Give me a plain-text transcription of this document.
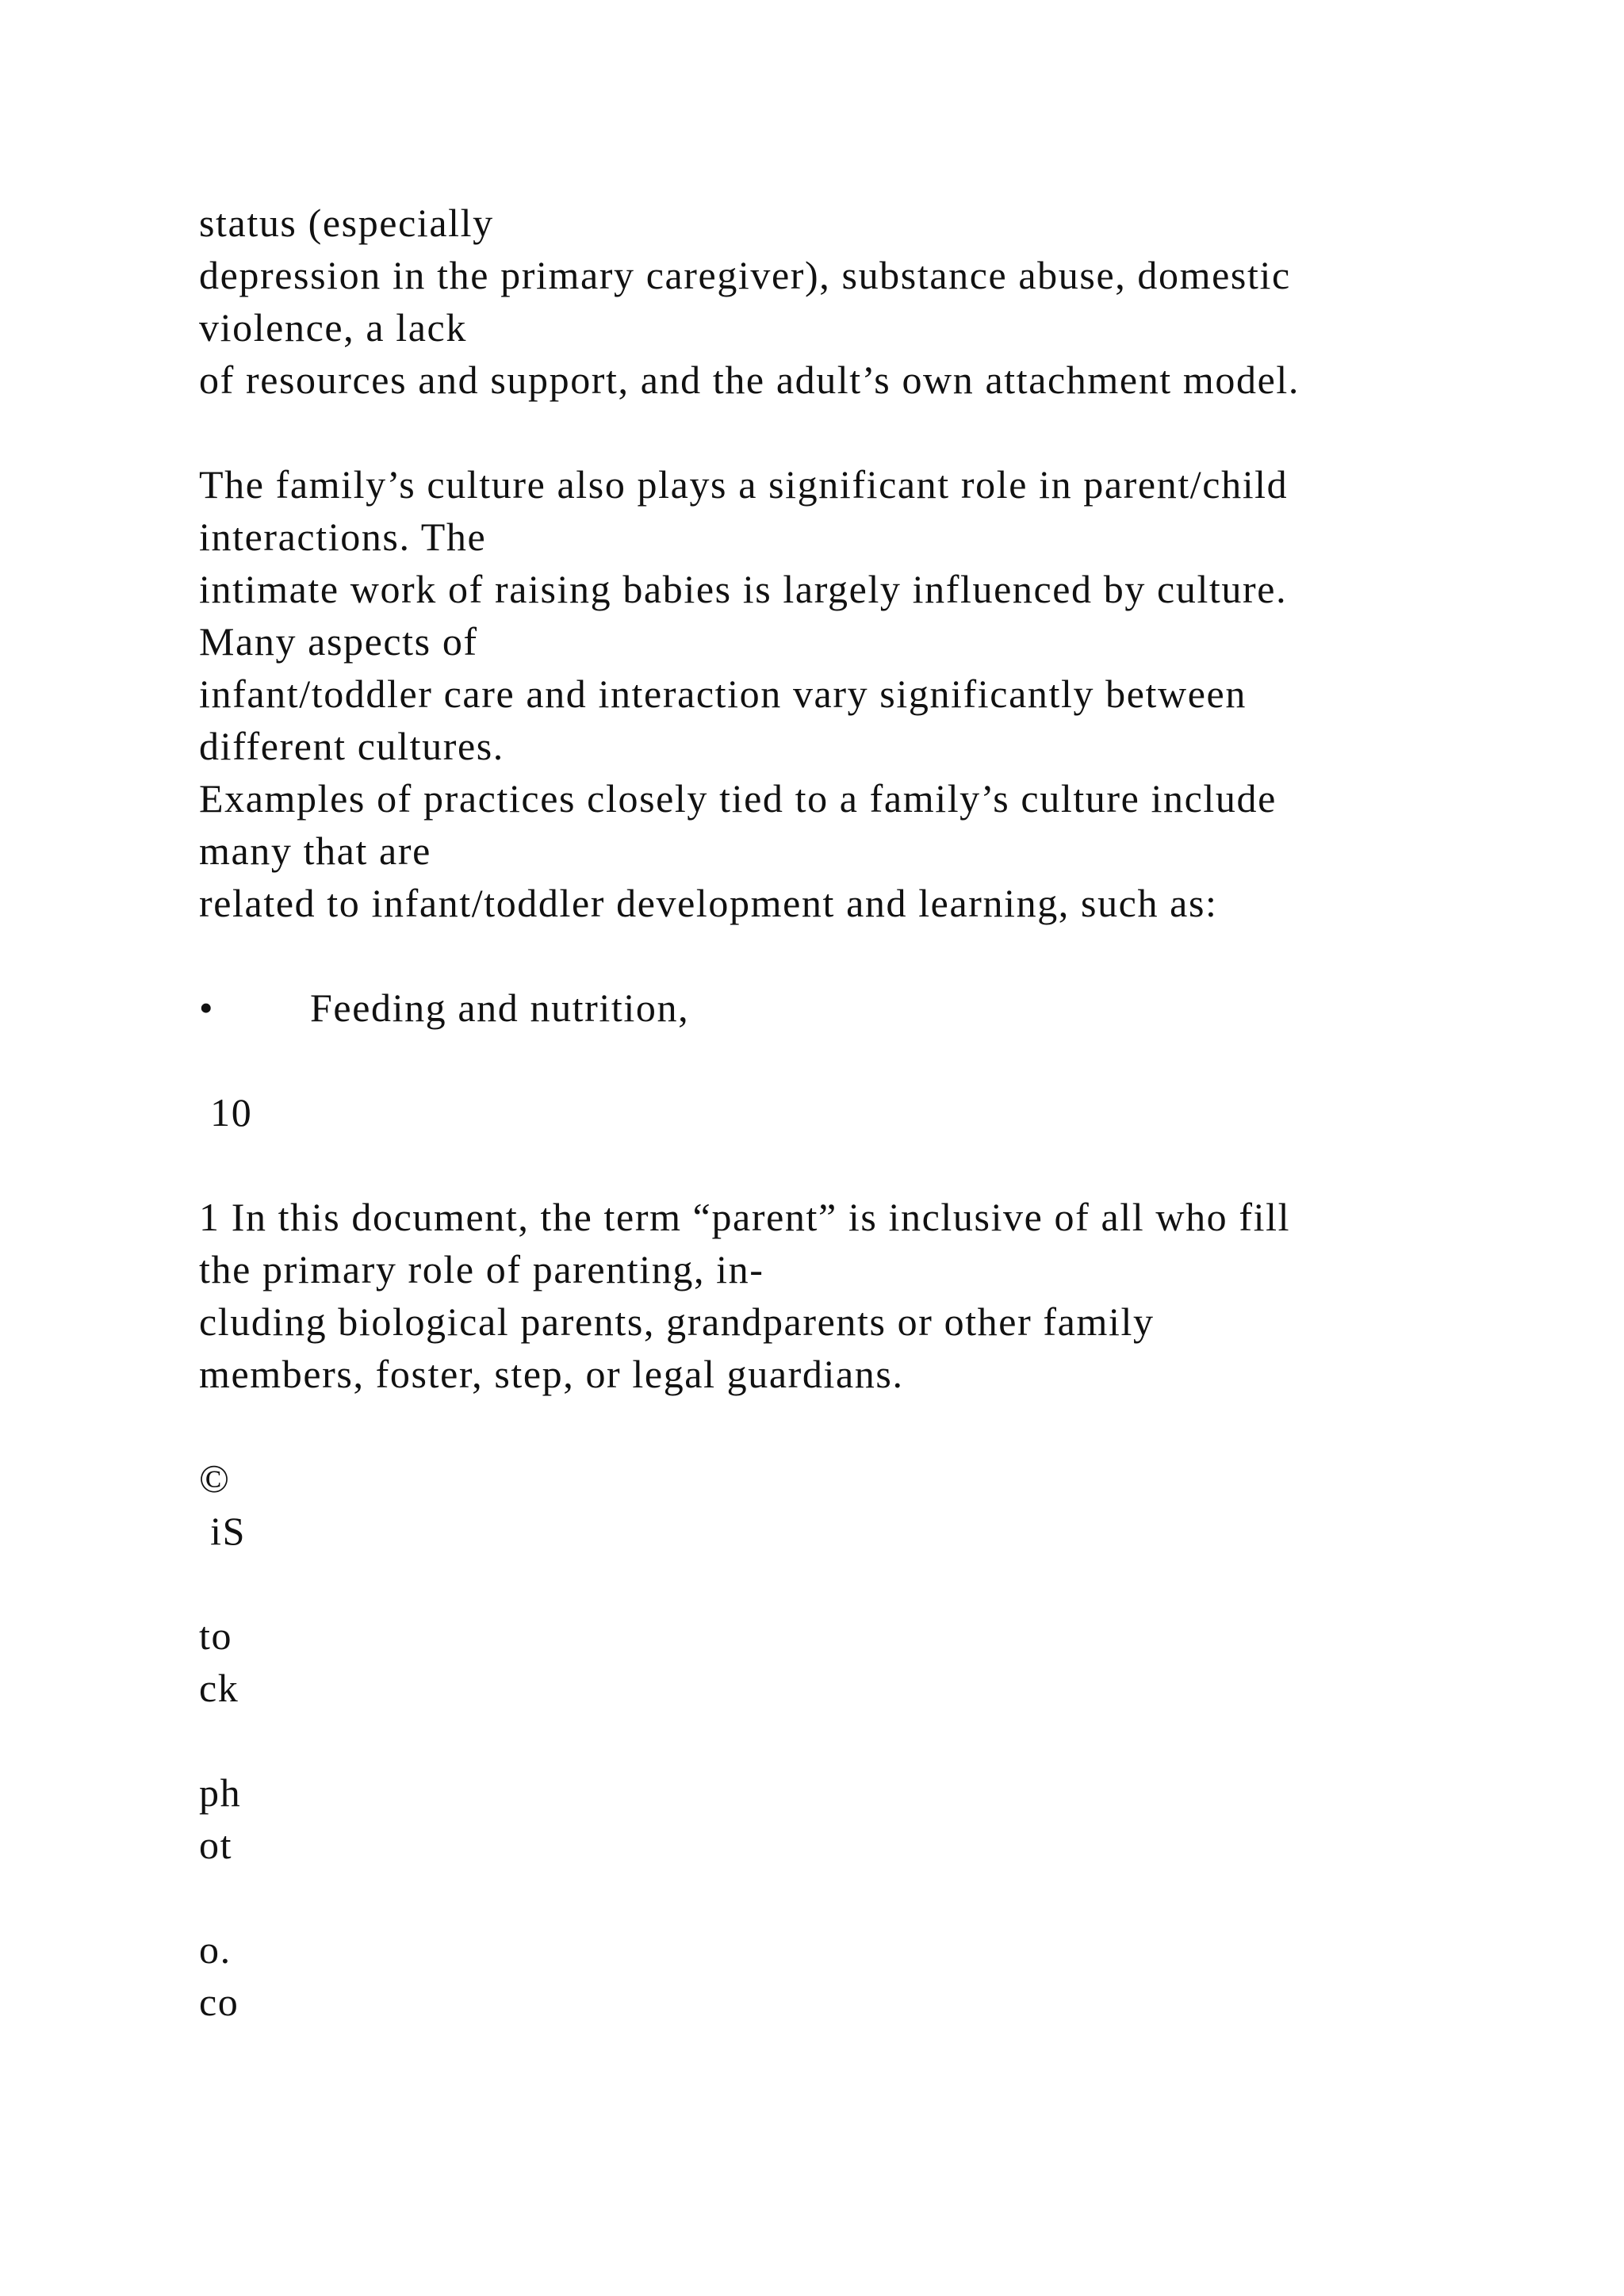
status (especially
depression in the primary caregiver), substance abuse, domestic
violence, a lack
of resources and support, and the adult’s own attachment model.
The family’s culture also plays a significant role in parent/child
interactions. The
intimate work of raising babies is largely influenced by culture.
Many aspects of
infant/toddler care and interaction vary significantly between
different cultures.
Examples of practices closely tied to a family’s culture include
many that are
related to infant/toddler development and learning, such as:
• Feeding and nutrition,
10
1 In this document, the term “parent” is inclusive of all who fill
the primary role of parenting, in-
cluding biological parents, grandparents or other family
members, foster, step, or legal guardians.
©
iS
to
ck
ph
ot
o.
co
